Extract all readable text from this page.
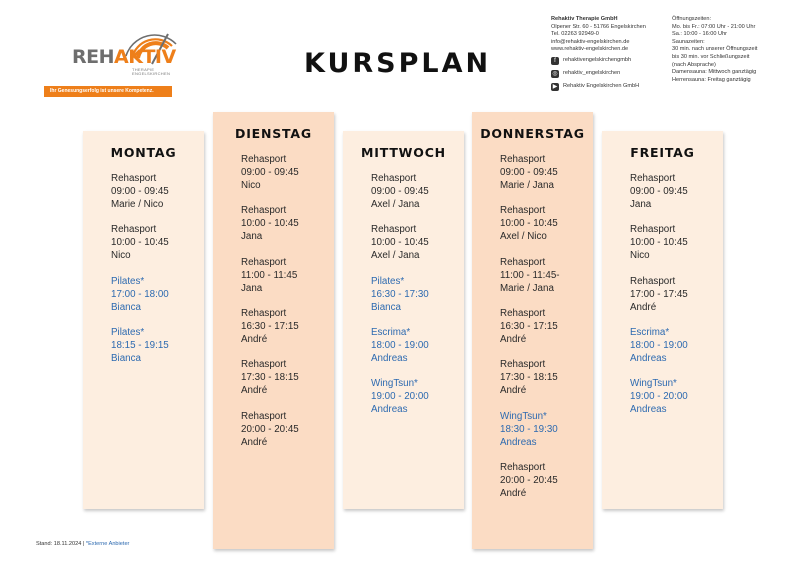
REHAKTIV
THERAPIE
ENGELSKIRCHEN
Ihr Genesungserfolg ist unsere Kompetenz.
KURSPLAN
Rehaktiv Therapie GmbH
Olpener Str. 60 - 51766 Engelskirchen
Tel. 02263 92949-0
info@rehaktiv-engelskirchen.de
www.rehaktiv-engelskirchen.de
f	rehaktivengelskirchengmbh
◎ rehaktiv_engelskirchen
▶	Rehaktiv Engelskirchen GmbH
Öffnungszeiten:
Mo. bis Fr.: 07:00 Uhr - 21:00 Uhr
Sa.: 10:00 - 16:00 Uhr
Saunazeiten:
30 min. nach unserer Öffnungszeit
bis 30 min. vor Schließungszeit
(nach Absprache)
Damensauna: Mittwoch ganztägig
Herrensauna: Freitag ganztägig
MONTAG
Rehasport
09:00 - 09:45
Marie / Nico
Rehasport
10:00 - 10:45
Nico
Pilates*
17:00 - 18:00
Bianca
Pilates*
18:15 - 19:15
Bianca
DIENSTAG
Rehasport
09:00 - 09:45
Nico
Rehasport
10:00 - 10:45
Jana
Rehasport
11:00 - 11:45
Jana
Rehasport
16:30 - 17:15
André
Rehasport
17:30 - 18:15
André
Rehasport
20:00 - 20:45
André
MITTWOCH
Rehasport
09:00 - 09:45
Axel / Jana
Rehasport
10:00 - 10:45
Axel / Jana
Pilates*
16:30 - 17:30
Bianca
Escrima*
18:00 - 19:00
Andreas
WingTsun*
19:00 - 20:00
Andreas
DONNERSTAG
Rehasport
09:00 - 09:45
Marie / Jana
Rehasport
10:00 - 10:45
Axel / Nico
Rehasport
11:00 - 11:45-
Marie / Jana
Rehasport
16:30 - 17:15
André
Rehasport
17:30 - 18:15
André
WingTsun*
18:30 - 19:30
Andreas
Rehasport
20:00 - 20:45
André
FREITAG
Rehasport
09:00 - 09:45
Jana
Rehasport
10:00 - 10:45
Nico
Rehasport
17:00 - 17:45
André
Escrima*
18:00 - 19:00
Andreas
WingTsun*
19:00 - 20:00
Andreas
Stand: 18.11.2024 | *Externe Anbieter
